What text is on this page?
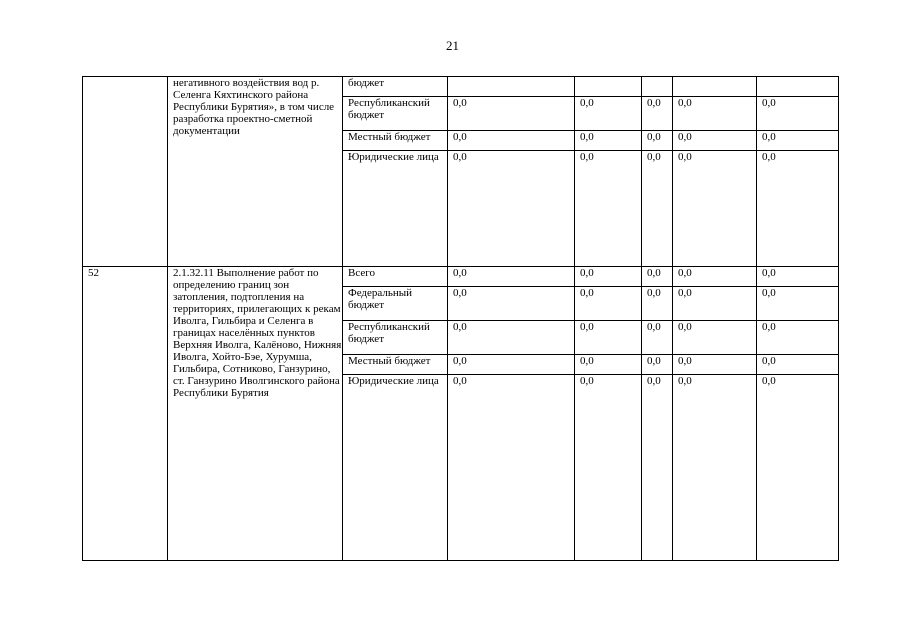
21
	негативного воздействия вод р. Селенга Кяхтинского района Республики Бурятия», в том числе разработка проектно-сметной документации	бюджет					
		Республиканский бюджет	0,0	0,0	0,0	0,0	0,0
		Местный бюджет	0,0	0,0	0,0	0,0	0,0
		Юридические лица	0,0	0,0	0,0	0,0	0,0
52	2.1.32.11 Выполнение работ по определению границ зон затопления, подтопления на территориях, прилегающих к рекам Иволга, Гильбира и Селенга в границах населённых пунктов Верхняя Иволга, Калёново, Нижняя Иволга, Хойто-Бэе, Хурумша, Гильбира, Сотниково, Ганзурино, ст. Ганзурино Иволгинского района Республики Бурятия	Всего	0,0	0,0	0,0	0,0	0,0
		Федеральный бюджет	0,0	0,0	0,0	0,0	0,0
		Республиканский бюджет	0,0	0,0	0,0	0,0	0,0
		Местный бюджет	0,0	0,0	0,0	0,0	0,0
		Юридические лица	0,0	0,0	0,0	0,0	0,0
